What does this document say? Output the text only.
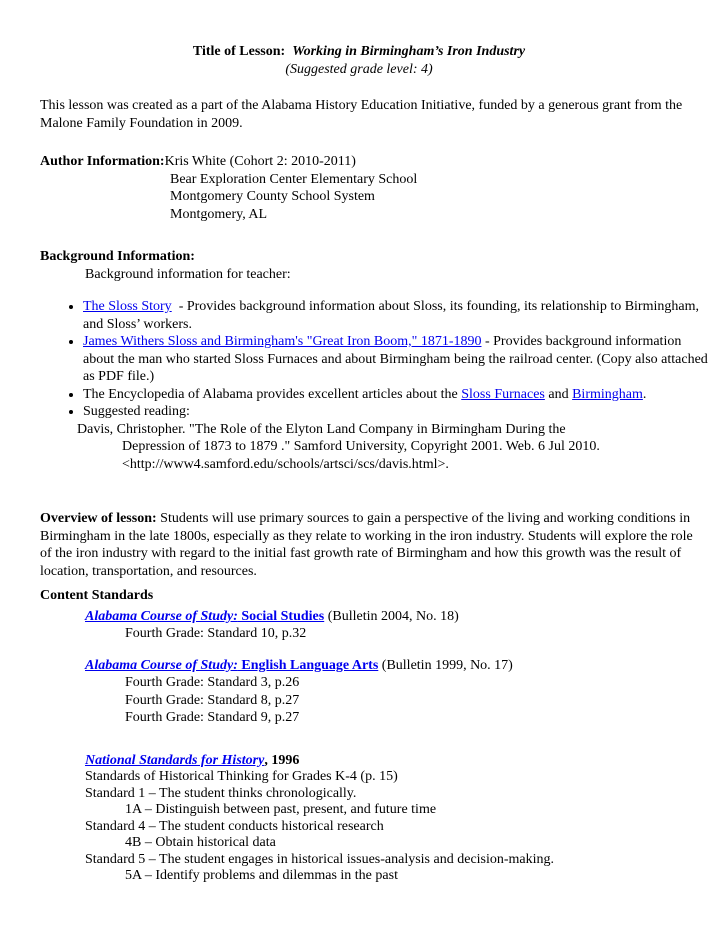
Title of Lesson: Working in Birmingham’s Iron Industry
(Suggested grade level: 4)
This lesson was created as a part of the Alabama History Education Initiative, funded by a generous grant from the Malone Family Foundation in 2009.
Author Information:Kris White (Cohort 2: 2010-2011)
Bear Exploration Center Elementary School
Montgomery County School System
Montgomery, AL
Background Information:
Background information for teacher:
• The Sloss Story  - Provides background information about Sloss, its founding, its relationship to Birmingham, and Sloss’ workers.
• James Withers Sloss and Birmingham's "Great Iron Boom," 1871-1890 - Provides background information about the man who started Sloss Furnaces and about Birmingham being the railroad center. (Copy also attached as PDF file.)
• The Encyclopedia of Alabama provides excellent articles about the Sloss Furnaces and Birmingham.
• Suggested reading:
Davis, Christopher. "The Role of the Elyton Land Company in Birmingham During the
Depression of 1873 to 1879 ." Samford University, Copyright 2001. Web. 6 Jul 2010.
<http://www4.samford.edu/schools/artsci/scs/davis.html>.
Overview of lesson: Students will use primary sources to gain a perspective of the living and working conditions in Birmingham in the late 1800s, especially as they relate to working in the iron industry. Students will explore the role of the iron industry with regard to the initial fast growth rate of Birmingham and how this growth was the result of location, transportation, and resources.
Content Standards
Alabama Course of Study: Social Studies (Bulletin 2004, No. 18)
Fourth Grade: Standard 10, p.32
Alabama Course of Study: English Language Arts (Bulletin 1999, No. 17)
Fourth Grade: Standard 3, p.26
Fourth Grade: Standard 8, p.27
Fourth Grade: Standard 9, p.27
National Standards for History, 1996
Standards of Historical Thinking for Grades K-4 (p. 15)
Standard 1 – The student thinks chronologically.
1A – Distinguish between past, present, and future time
Standard 4 – The student conducts historical research
4B – Obtain historical data
Standard 5 – The student engages in historical issues-analysis and decision-making.
5A – Identify problems and dilemmas in the past
